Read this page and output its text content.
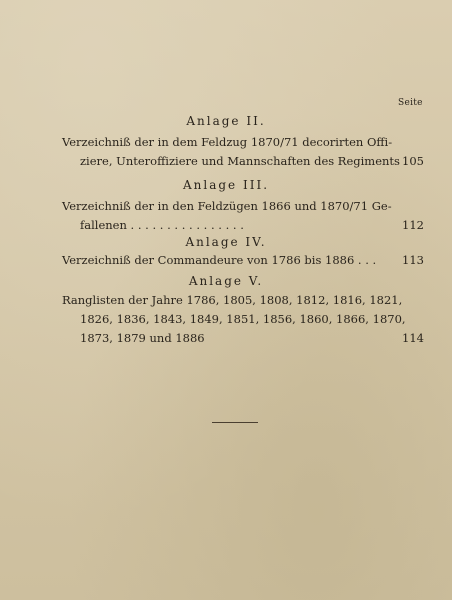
Seite
Anlage II.
Verzeichniß der in dem Feldzug 1870/71 decorirten Offi-
ziere, Unteroffiziere und Mannschaften des Regiments .
105
Anlage III.
Verzeichniß der in den Feldzügen 1866 und 1870/71 Ge-
fallenen . . . . . . . . . . . . . . . .	112
Anlage IV.
Verzeichniß der Commandeure von 1786 bis 1886 . . . 113
Anlage V.
Ranglisten der Jahre 1786, 1805, 1808, 1812, 1816, 1821,
1826, 1836, 1843, 1849, 1851, 1856, 1860, 1866, 1870,
1873, 1879 und 1886	114
